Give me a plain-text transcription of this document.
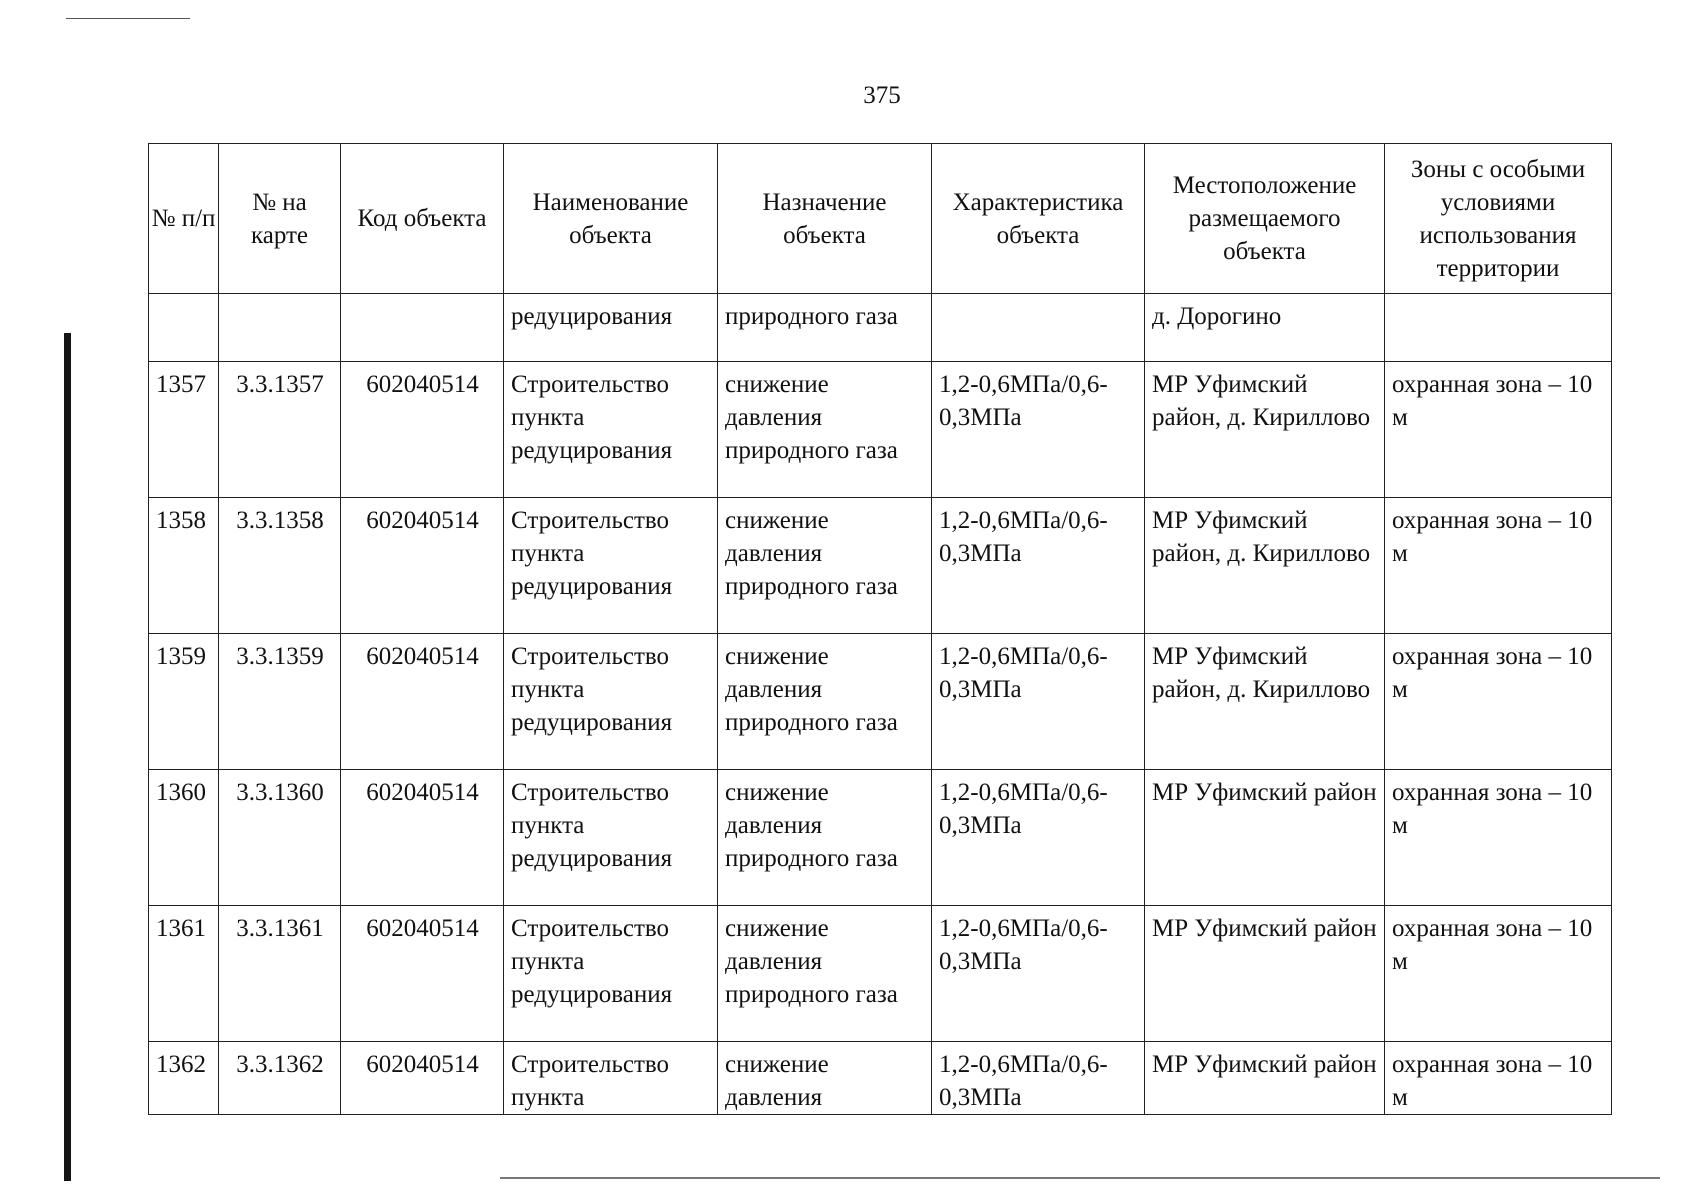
375
№ п/п	№ на карте	Код объекта	Наименование объекта	Назначение объекта	Характеристика объекта	Местоположение размещаемого объекта	Зоны с особыми условиями использования территории
			редуцирования	природного газа		д. Дорогино	
1357	3.3.1357	602040514	Строительство пункта редуцирования	снижение давления природного газа	1,2-0,6МПа/0,6-0,3МПа	МР Уфимский район, д. Кириллово	охранная зона – 10 м
1358	3.3.1358	602040514	Строительство пункта редуцирования	снижение давления природного газа	1,2-0,6МПа/0,6-0,3МПа	МР Уфимский район, д. Кириллово	охранная зона – 10 м
1359	3.3.1359	602040514	Строительство пункта редуцирования	снижение давления природного газа	1,2-0,6МПа/0,6-0,3МПа	МР Уфимский район, д. Кириллово	охранная зона – 10 м
1360	3.3.1360	602040514	Строительство пункта редуцирования	снижение давления природного газа	1,2-0,6МПа/0,6-0,3МПа	МР Уфимский район	охранная зона – 10 м
1361	3.3.1361	602040514	Строительство пункта редуцирования	снижение давления природного газа	1,2-0,6МПа/0,6-0,3МПа	МР Уфимский район	охранная зона – 10 м
1362	3.3.1362	602040514	Строительство пункта	снижение давления	1,2-0,6МПа/0,6-0,3МПа	МР Уфимский район	охранная зона – 10 м
